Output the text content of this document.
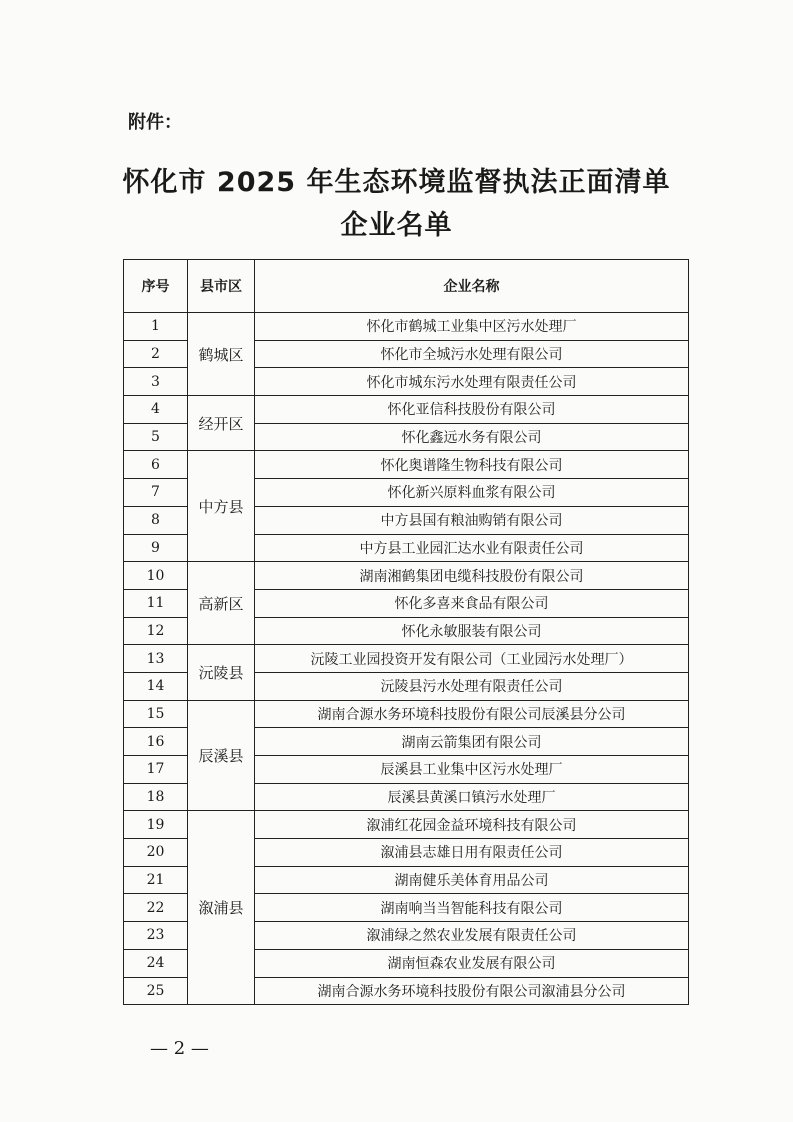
附件：
怀化市 2025 年生态环境监督执法正面清单
企业名单
序号	县市区	企业名称
1	鹤城区	怀化市鹤城工业集中区污水处理厂
2		怀化市全城污水处理有限公司
3		怀化市城东污水处理有限责任公司
4	经开区	怀化亚信科技股份有限公司
5		怀化鑫远水务有限公司
6	中方县	怀化奥谱隆生物科技有限公司
7		怀化新兴原料血浆有限公司
8		中方县国有粮油购销有限公司
9		中方县工业园汇达水业有限责任公司
10	高新区	湖南湘鹤集团电缆科技股份有限公司
11		怀化多喜来食品有限公司
12		怀化永敏服装有限公司
13	沅陵县	沅陵工业园投资开发有限公司（工业园污水处理厂）
14		沅陵县污水处理有限责任公司
15	辰溪县	湖南合源水务环境科技股份有限公司辰溪县分公司
16		湖南云箭集团有限公司
17		辰溪县工业集中区污水处理厂
18		辰溪县黄溪口镇污水处理厂
19	溆浦县	溆浦红花园金益环境科技有限公司
20		溆浦县志雄日用有限责任公司
21		湖南健乐美体育用品公司
22		湖南响当当智能科技有限公司
23		溆浦绿之然农业发展有限责任公司
24		湖南恒森农业发展有限公司
25		湖南合源水务环境科技股份有限公司溆浦县分公司
— 2 —
